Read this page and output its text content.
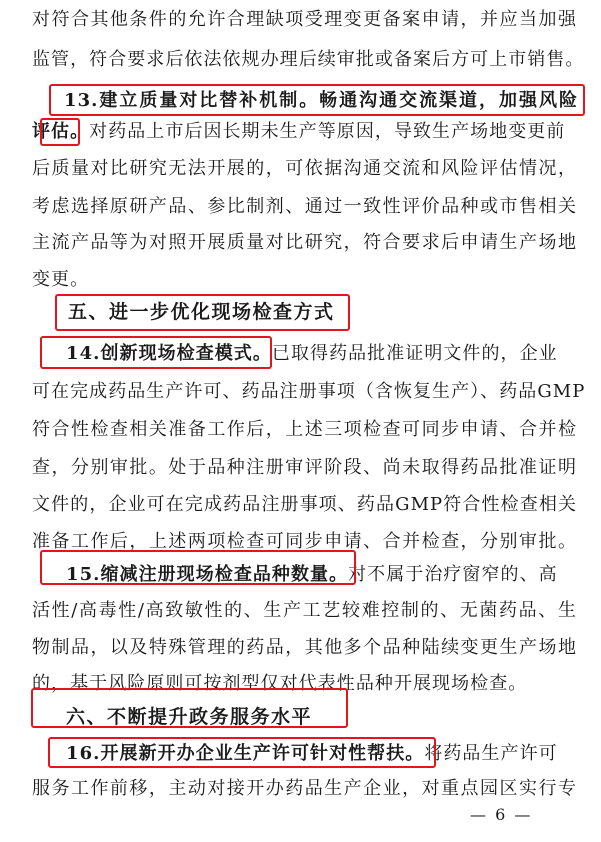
对符合其他条件的允许合理缺项受理变更备案申请，并应当加强
监管，符合要求后依法依规办理后续审批或备案后方可上市销售。
13.建立质量对比替补机制。畅通沟通交流渠道，加强风险
评估。对药品上市后因长期未生产等原因，导致生产场地变更前
后质量对比研究无法开展的，可依据沟通交流和风险评估情况，
考虑选择原研产品、参比制剂、通过一致性评价品种或市售相关
主流产品等为对照开展质量对比研究，符合要求后申请生产场地
变更。
五、进一步优化现场检查方式
14.创新现场检查模式。已取得药品批准证明文件的，企业
可在完成药品生产许可、药品注册事项（含恢复生产）、药品GMP
符合性检查相关准备工作后，上述三项检查可同步申请、合并检
查，分别审批。处于品种注册审评阶段、尚未取得药品批准证明
文件的，企业可在完成药品注册事项、药品GMP符合性检查相关
准备工作后，上述两项检查可同步申请、合并检查，分别审批。
15.缩减注册现场检查品种数量。对不属于治疗窗窄的、高
活性/高毒性/高致敏性的、生产工艺较难控制的、无菌药品、生
物制品，以及特殊管理的药品，其他多个品种陆续变更生产场地
的，基于风险原则可按剂型仅对代表性品种开展现场检查。
六、不断提升政务服务水平
16.开展新开办企业生产许可针对性帮扶。将药品生产许可
服务工作前移，主动对接开办药品生产企业，对重点园区实行专
— 6 —
